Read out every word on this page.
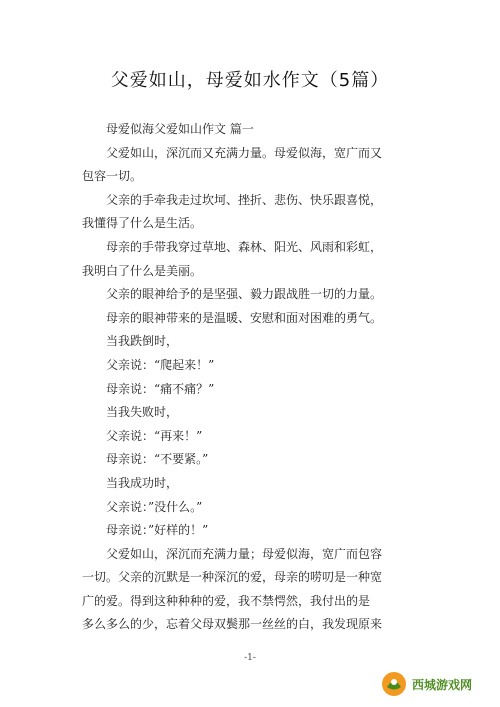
父爱如山，母爱如水作文（5篇）
　　母爱似海父爱如山作文 篇一
　　父爱如山，深沉而又充满力量。母爱似海，宽广而又
包容一切。
　　父亲的手牵我走过坎坷、挫折、悲伤、快乐跟喜悦，
我懂得了什么是生活。
　　母亲的手带我穿过草地、森林、阳光、风雨和彩虹，
我明白了什么是美丽。
　　父亲的眼神给予的是坚强、毅力跟战胜一切的力量。
　　母亲的眼神带来的是温暖、安慰和面对困难的勇气。
　　当我跌倒时，
　　父亲说：“爬起来！”
　　母亲说：“痛不痛？”
　　当我失败时，
　　父亲说：“再来！”
　　母亲说：“不要紧。”
　　当我成功时，
　　父亲说：”没什么。”
　　母亲说：”好样的！”
　　父爱如山，深沉而充满力量；母爱似海，宽广而包容
一切。父亲的沉默是一种深沉的爱，母亲的唠叨是一种宽
广的爱。得到这种种种的爱，我不禁愕然，我付出的是
多么多么的少，忘着父母双鬓那一丝丝的白，我发现原来
-1-
西城游戏网
